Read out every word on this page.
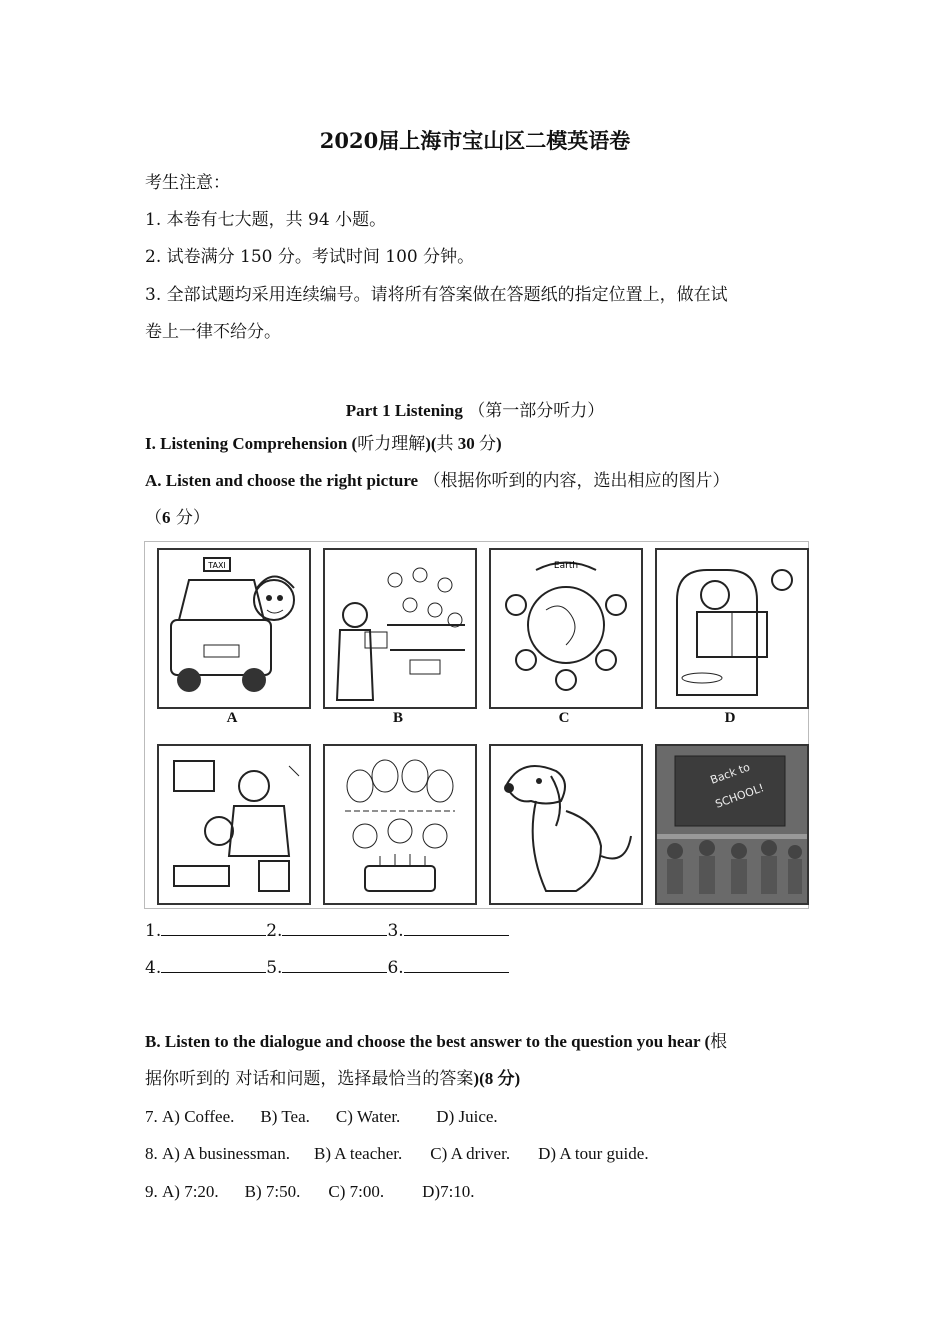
2020届上海市宝山区二模英语卷
考生注意：
1. 本卷有七大题，共 94 小题。
2. 试卷满分 150 分。考试时间 100 分钟。
3. 全部试题均采用连续编号。请将所有答案做在答题纸的指定位置上，做在试
卷上一律不给分。
Part 1 Listening （第一部分听力）
I. Listening Comprehension (听力理解)(共 30 分)
A. Listen and choose the right picture （根据你听到的内容，选出相应的图片）
（6 分）
TAXI
A	B
Earth
C	D
Back to
SCHOOL!
1.	2.	3.
4.	5.	6.
B. Listen to the dialogue and choose the best answer to the question you hear (根
据你听到的 对话和问题，选择最恰当的答案)(8 分)
7. A) Coffee. B) Tea. C) Water. D) Juice.
8. A) A businessman. B) A teacher. C) A driver. D) A tour guide.
9. A) 7:20. B) 7:50. C) 7:00. D)7:10.
